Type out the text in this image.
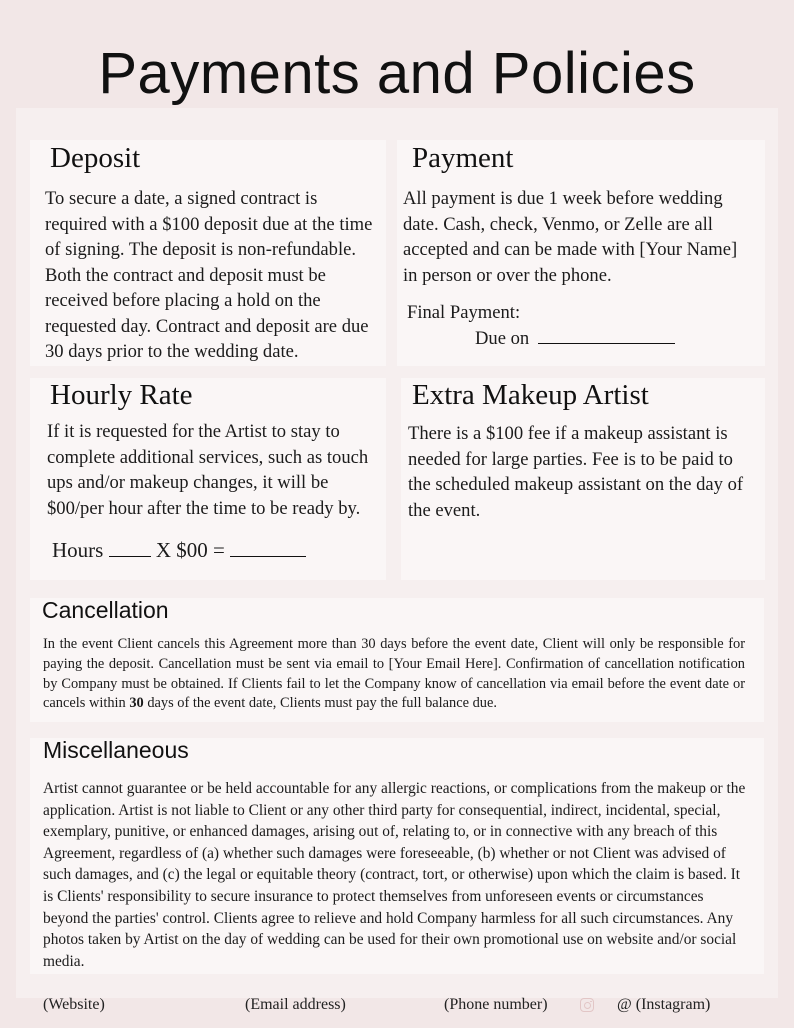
Payments and Policies
Deposit

To secure a date, a signed contract is required with a $100 deposit due at the time of signing. The deposit is non-refundable. Both the contract and deposit must be received before placing a hold on the requested day. Contract and deposit are due 30 days prior to the wedding date.

Payment

All payment is due 1 week before wedding date. Cash, check, Venmo, or Zelle are all accepted and can be made with [Your Name] in person or over the phone.

Final Payment:

Due on

Hourly Rate

If it is requested for the Artist to stay to complete additional services, such as touch ups and/or makeup changes, it will be $00/per hour after the time to be ready by.

Hours	X $00 =

Extra Makeup Artist

There is a $100 fee if a makeup assistant is needed for large parties. Fee is to be paid to the scheduled makeup assistant on the day of the event.

Cancellation

In the event Client cancels this Agreement more than 30 days before the event date, Client will only be responsible for paying the deposit. Cancellation must be sent via email to [Your Email Here]. Confirmation of cancellation notification by Company must be obtained. If Clients fail to let the Company know of cancellation via email before the event date or cancels within 30 days of the event date, Clients must pay the full balance due.

Miscellaneous

Artist cannot guarantee or be held accountable for any allergic reactions, or complications from the makeup or the application. Artist is not liable to Client or any other third party for consequential, indirect, incidental, special, exemplary, punitive, or enhanced damages, arising out of, relating to, or in connective with any breach of this Agreement, regardless of (a) whether such damages were foreseeable, (b) whether or not Client was advised of such damages, and (c) the legal or equitable theory (contract, tort, or otherwise) upon which the claim is based. It is Clients' responsibility to secure insurance to protect themselves from unforeseen events or circumstances beyond the parties' control. Clients agree to relieve and hold Company harmless for all such circumstances. Any photos taken by Artist on the day of wedding can be used for their own promotional use on website and/or social media.

(Website)	(Email address)	(Phone number)	@ (Instagram)
